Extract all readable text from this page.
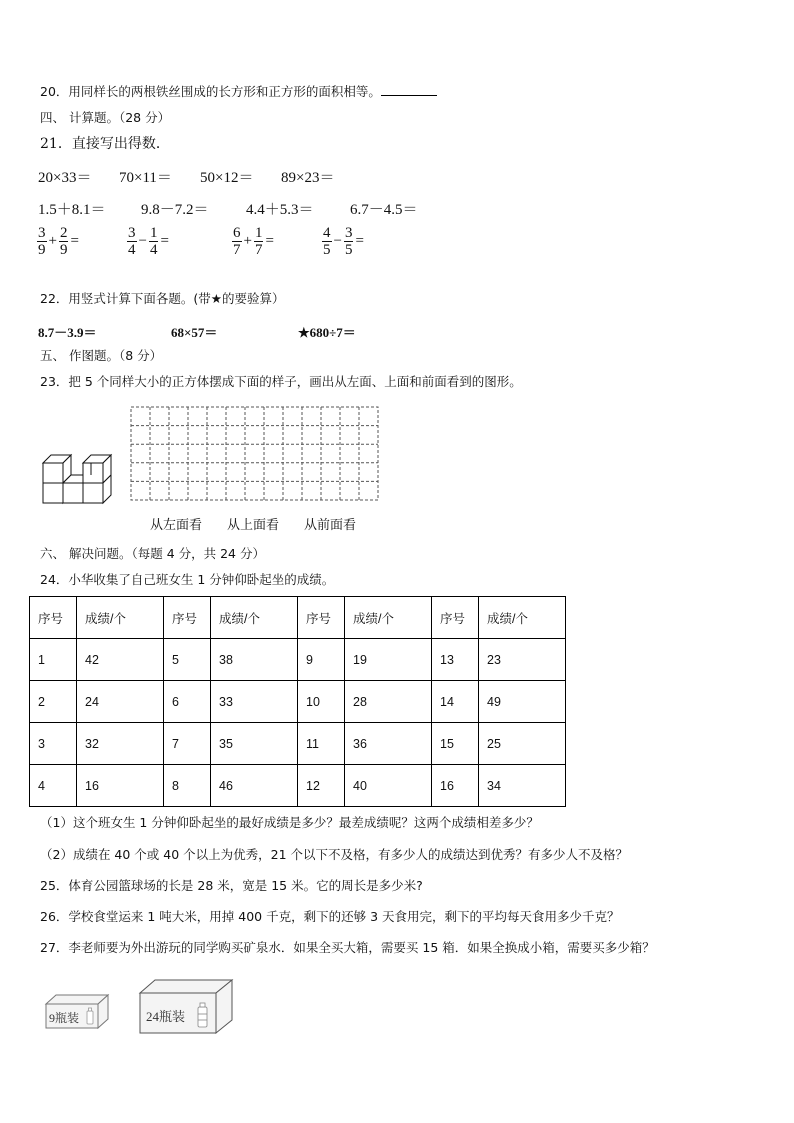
20．用同样长的两根铁丝围成的长方形和正方形的面积相等。
四、 计算题。（28 分）
21．直接写出得数．
20×33＝ 70×11＝ 50×12＝ 89×23＝
1.5＋8.1＝ 9.8－7.2＝ 4.4＋5.3＝ 6.7－4.5＝
$\frac{3}{9} + \frac{2}{9}$ =	$\frac{3}{4} - \frac{1}{4}$ =	$\frac{6}{7} + \frac{1}{7}$ =	$\frac{4}{5} - \frac{3}{5}$ =
22．用竖式计算下面各题。(带★的要验算）
8.7－3.9＝	68×57＝	★680÷7＝
五、 作图题。（8 分）
23．把 5 个同样大小的正方体摆成下面的样子，画出从左面、上面和前面看到的图形。
从左面看 从上面看 从前面看
六、 解决问题。（每题 4 分，共 24 分）
24．小华收集了自己班女生 1 分钟仰卧起坐的成绩。
序号	成绩/个	序号	成绩/个	序号	成绩/个	序号	成绩/个
1	42	5	38	9	19	13	23
2	24	6	33	10	28	14	49
3	32	7	35	11	36	15	25
4	16	8	46	12	40	16	34
（1）这个班女生 1 分钟仰卧起坐的最好成绩是多少？最差成绩呢？这两个成绩相差多少？
（2）成绩在 40 个或 40 个以上为优秀，21 个以下不及格，有多少人的成绩达到优秀？有多少人不及格？
25．体育公园篮球场的长是 28 米，宽是 15 米。它的周长是多少米?
26．学校食堂运来 1 吨大米，用掉 400 千克，剩下的还够 3 天食用完，剩下的平均每天食用多少千克？
27．李老师要为外出游玩的同学购买矿泉水．如果全买大箱，需要买 15 箱．如果全换成小箱，需要买多少箱？
9瓶装	24瓶装
